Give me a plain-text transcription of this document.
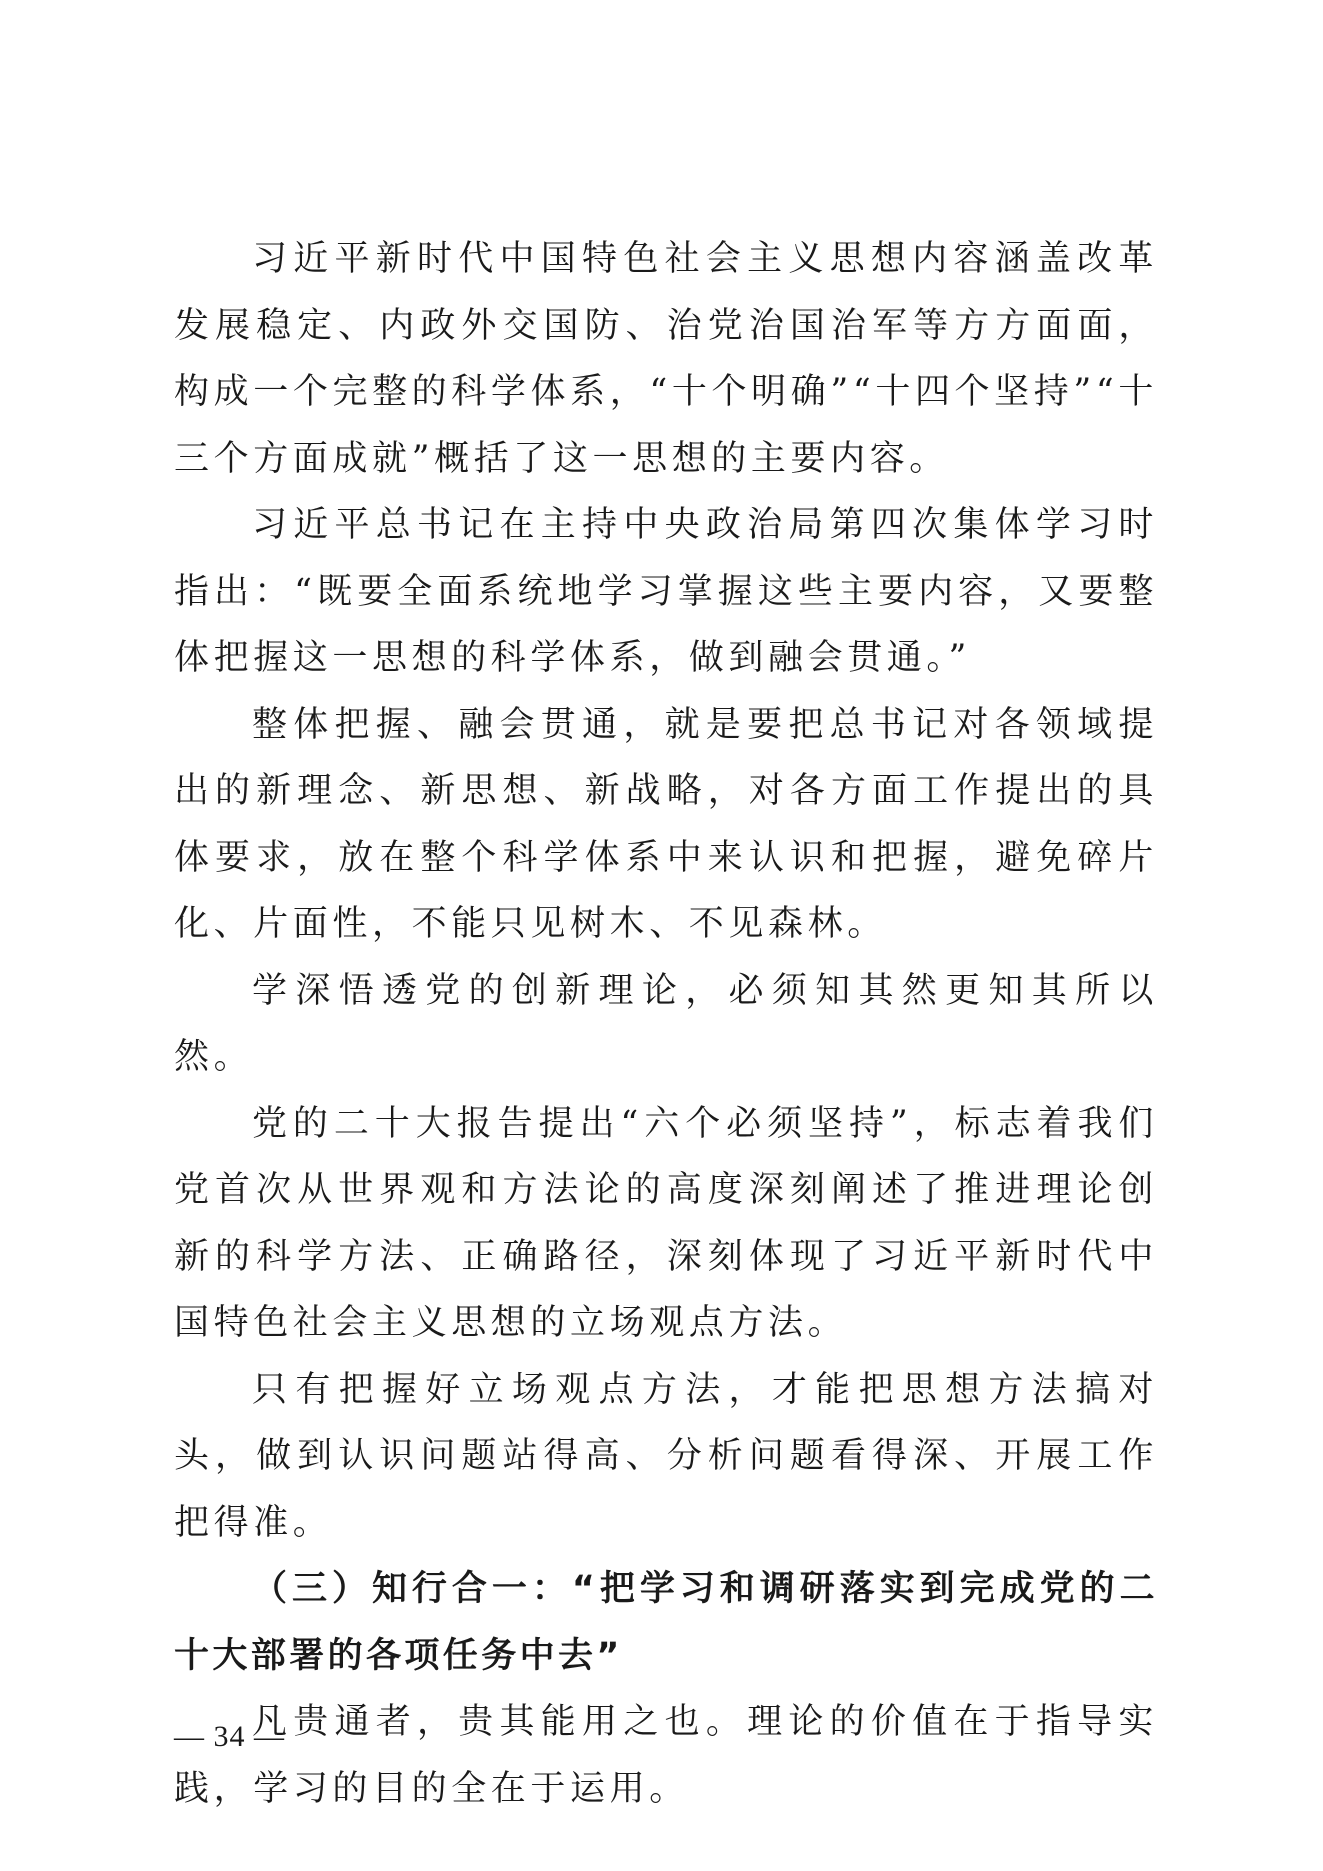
习近平新时代中国特色社会主义思想内容涵盖改革发展稳定、内政外交国防、治党治国治军等方方面面，构成一个完整的科学体系，“十个明确”“十四个坚持”“十三个方面成就”概括了这一思想的主要内容。

习近平总书记在主持中央政治局第四次集体学习时指出：“既要全面系统地学习掌握这些主要内容，又要整体把握这一思想的科学体系，做到融会贯通。”

整体把握、融会贯通，就是要把总书记对各领域提出的新理念、新思想、新战略，对各方面工作提出的具体要求，放在整个科学体系中来认识和把握，避免碎片化、片面性，不能只见树木、不见森林。

学深悟透党的创新理论，必须知其然更知其所以然。

党的二十大报告提出“六个必须坚持”，标志着我们党首次从世界观和方法论的高度深刻阐述了推进理论创新的科学方法、正确路径，深刻体现了习近平新时代中国特色社会主义思想的立场观点方法。

只有把握好立场观点方法，才能把思想方法搞对头，做到认识问题站得高、分析问题看得深、开展工作把得准。

（三）知行合一：“把学习和调研落实到完成党的二十大部署的各项任务中去”

凡贵通者，贵其能用之也。理论的价值在于指导实践，学习的目的全在于运用。

— 34 —
